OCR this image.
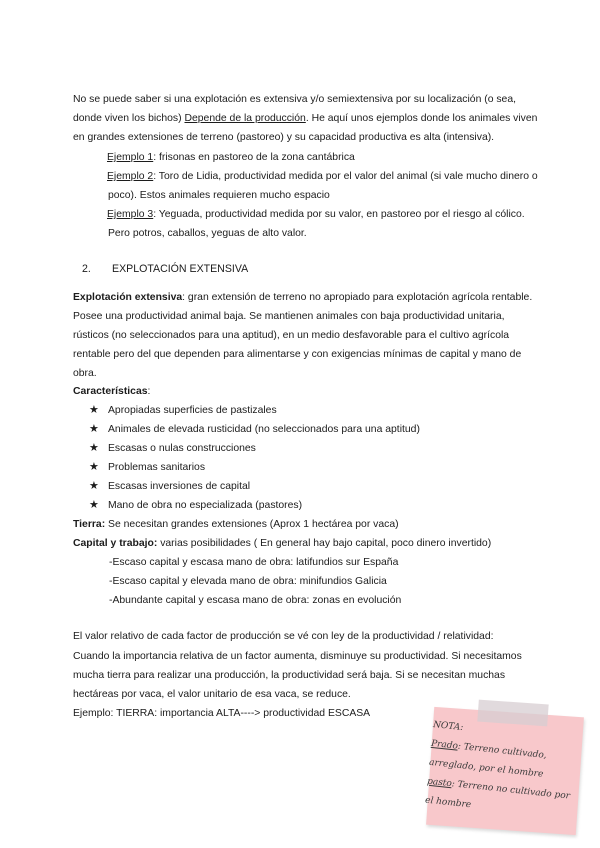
No se puede saber si una explotación es extensiva y/o semiextensiva por su localización (o sea,

donde viven los bichos) Depende de la producción. He aquí unos ejemplos donde los animales viven

en grandes extensiones de terreno (pastoreo) y su capacidad productiva es alta (intensiva).

Ejemplo 1: frisonas en pastoreo de la zona cantábrica

Ejemplo 2: Toro de Lidia, productividad medida por el valor del animal (si vale mucho dinero o

poco). Estos animales requieren mucho espacio

Ejemplo 3: Yeguada, productividad medida por su valor, en pastoreo por el riesgo al cólico.

Pero potros, caballos, yeguas de alto valor.

2. EXPLOTACIÓN EXTENSIVA

Explotación extensiva: gran extensión de terreno no apropiado para explotación agrícola rentable.

Posee una productividad animal baja. Se mantienen animales con baja productividad unitaria,

rústicos (no seleccionados para una aptitud), en un medio desfavorable para el cultivo agrícola

rentable pero del que dependen para alimentarse y con exigencias mínimas de capital y mano de

obra.

Características:

★ Apropiadas superficies de pastizales
★ Animales de elevada rusticidad (no seleccionados para una aptitud)
★ Escasas o nulas construcciones
★ Problemas sanitarios
★ Escasas inversiones de capital
★ Mano de obra no especializada (pastores)

Tierra: Se necesitan grandes extensiones (Aprox 1 hectárea por vaca)

Capital y trabajo: varias posibilidades ( En general hay bajo capital, poco dinero invertido)

-Escaso capital y escasa mano de obra: latifundios sur España

-Escaso capital y elevada mano de obra: minifundios Galicia

-Abundante capital y escasa mano de obra: zonas en evolución

El valor relativo de cada factor de producción se vé con ley de la productividad / relatividad:

Cuando la importancia relativa de un factor aumenta, disminuye su productividad. Si necesitamos

mucha tierra para realizar una producción, la productividad será baja. Si se necesitan muchas

hectáreas por vaca, el valor unitario de esa vaca, se reduce.

Ejemplo: TIERRA: importancia ALTA----> productividad ESCASA

NOTA:
Prado: Terreno cultivado,
arreglado, por el hombre
pasto: Terreno no cultivado por
el hombre
